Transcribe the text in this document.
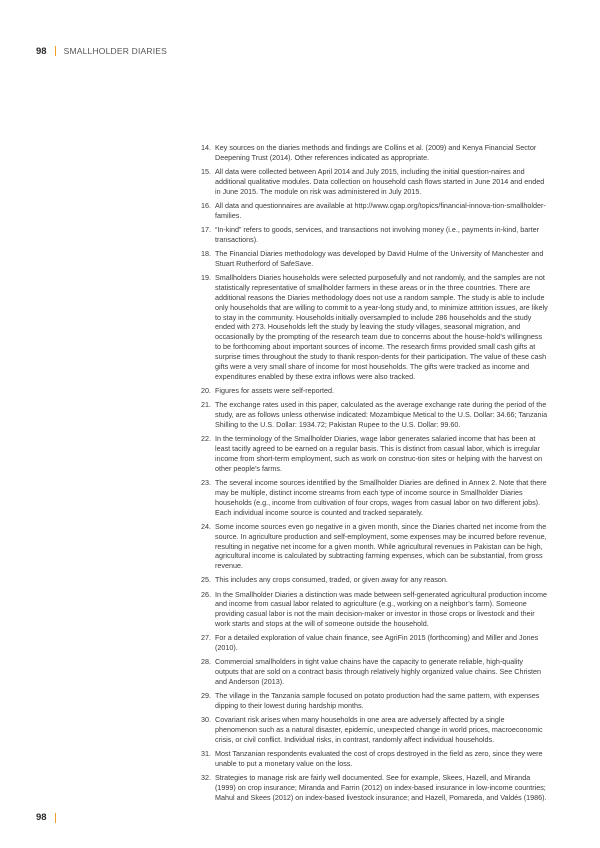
98 SMALLHOLDER DIARIES
14. Key sources on the diaries methods and findings are Collins et al. (2009) and Kenya Financial Sector Deepening Trust (2014). Other references indicated as appropriate.
15. All data were collected between April 2014 and July 2015, including the initial question-naires and additional qualitative modules. Data collection on household cash flows started in June 2014 and ended in June 2015. The module on risk was administered in July 2015.
16. All data and questionnaires are available at http://www.cgap.org/topics/financial-innova-tion-smallholder-families.
17. “In-kind” refers to goods, services, and transactions not involving money (i.e., payments in-kind, barter transactions).
18. The Financial Diaries methodology was developed by David Hulme of the University of Manchester and Stuart Rutherford of SafeSave.
19. Smallholders Diaries households were selected purposefully and not randomly, and the samples are not statistically representative of smallholder farmers in these areas or in the three countries. There are additional reasons the Diaries methodology does not use a random sample. The study is able to include only households that are willing to commit to a year-long study and, to minimize attrition issues, are likely to stay in the community. Households initially oversampled to include 286 households and the study ended with 273. Households left the study by leaving the study villages, seasonal migration, and occasionally by the prompting of the research team due to concerns about the house-hold’s willingness to be forthcoming about important sources of income. The research firms provided small cash gifts at surprise times throughout the study to thank respon-dents for their participation. The value of these cash gifts were a very small share of income for most households. The gifts were tracked as income and expenditures enabled by these extra inflows were also tracked.
20. Figures for assets were self-reported.
21. The exchange rates used in this paper, calculated as the average exchange rate during the period of the study, are as follows unless otherwise indicated: Mozambique Metical to the U.S. Dollar: 34.66; Tanzania Shilling to the U.S. Dollar: 1934.72; Pakistan Rupee to the U.S. Dollar: 99.60.
22. In the terminology of the Smallholder Diaries, wage labor generates salaried income that has been at least tacitly agreed to be earned on a regular basis. This is distinct from casual labor, which is irregular income from short-term employment, such as work on construc-tion sites or helping with the harvest on other people’s farms.
23. The several income sources identified by the Smallholder Diaries are defined in Annex 2. Note that there may be multiple, distinct income streams from each type of income source in Smallholder Diaries households (e.g., income from cultivation of four crops, wages from casual labor on two different jobs). Each individual income source is counted and tracked separately.
24. Some income sources even go negative in a given month, since the Diaries charted net income from the source. In agriculture production and self-employment, some expenses may be incurred before revenue, resulting in negative net income for a given month. While agricultural revenues in Pakistan can be high, agricultural income is calculated by subtracting farming expenses, which can be substantial, from gross revenue.
25. This includes any crops consumed, traded, or given away for any reason.
26. In the Smallholder Diaries a distinction was made between self-generated agricultural production income and income from casual labor related to agriculture (e.g., working on a neighbor’s farm). Someone providing casual labor is not the main decision-maker or investor in those crops or livestock and their work starts and stops at the will of someone outside the household.
27. For a detailed exploration of value chain finance, see AgriFin 2015 (forthcoming) and Miller and Jones (2010).
28. Commercial smallholders in tight value chains have the capacity to generate reliable, high-quality outputs that are sold on a contract basis through relatively highly organized value chains. See Christen and Anderson (2013).
29. The village in the Tanzania sample focused on potato production had the same pattern, with expenses dipping to their lowest during hardship months.
30. Covariant risk arises when many households in one area are adversely affected by a single phenomenon such as a natural disaster, epidemic, unexpected change in world prices, macroeconomic crisis, or civil conflict. Individual risks, in contrast, randomly affect individual households.
31. Most Tanzanian respondents evaluated the cost of crops destroyed in the field as zero, since they were unable to put a monetary value on the loss.
32. Strategies to manage risk are fairly well documented. See for example, Skees, Hazell, and Miranda (1999) on crop insurance; Miranda and Farrin (2012) on index-based insurance in low-income countries; Mahul and Skees (2012) on index-based livestock insurance; and Hazell, Pomareda, and Valdés (1986).
98
